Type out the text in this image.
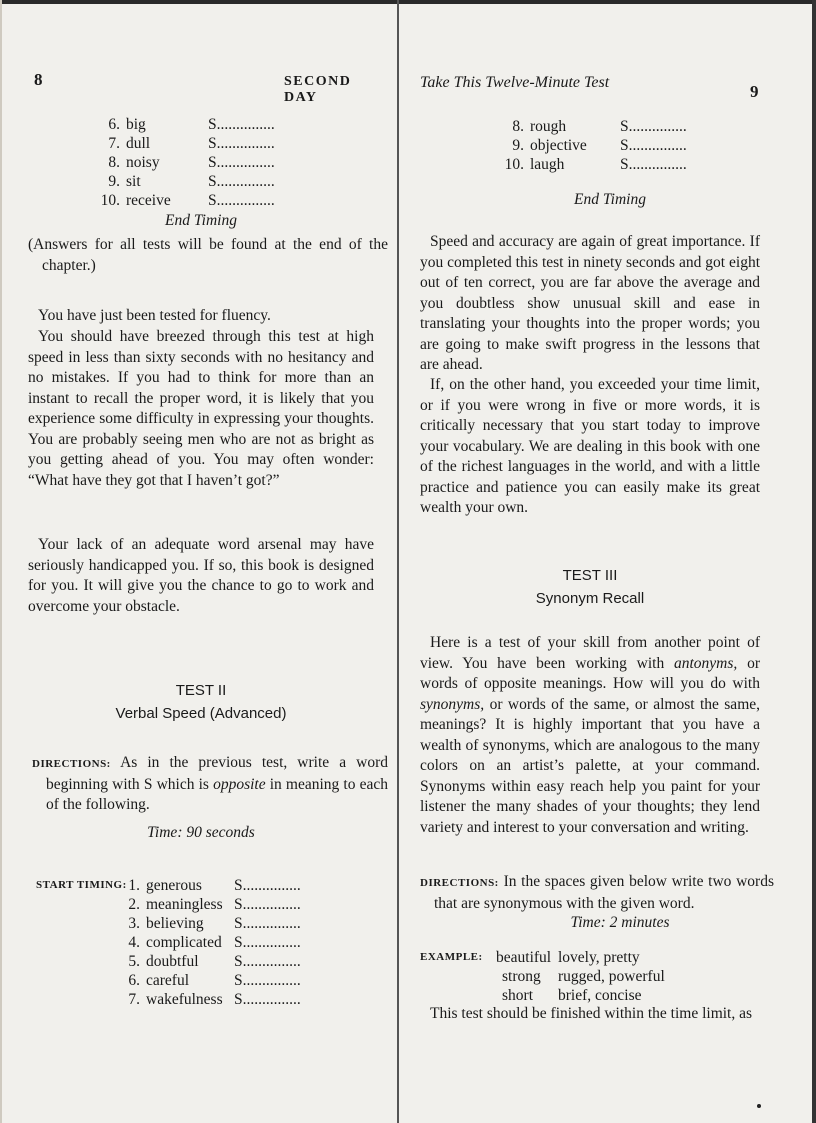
8	SECOND DAY
6. big	S...............
7. dull	S...............
8. noisy	S...............
9. sit	S...............
10. receive	S...............
End Timing

(Answers for all tests will be found at the end of the chapter.)

You have just been tested for fluency.

You should have breezed through this test at high speed in less than sixty seconds with no hesitancy and no mistakes. If you had to think for more than an instant to recall the proper word, it is likely that you experience some difficulty in expressing your thoughts. You are probably seeing men who are not as bright as you getting ahead of you. You may often wonder: “What have they got that I haven’t got?”

Your lack of an adequate word arsenal may have seriously handicapped you. If so, this book is designed for you. It will give you the chance to go to work and overcome your obstacle.

TEST II
Verbal Speed (Advanced)

DIRECTIONS: As in the previous test, write a word beginning with S which is opposite in meaning to each of the following.

Time: 90 seconds
START TIMING: 1. generous	S...............
2. meaningless S...............
3. believing	S...............
4. complicated S...............
5. doubtful	S...............
6. careful	S...............
7. wakefulness S...............
Take This Twelve-Minute Test	9
8. rough	S...............
9. objective	S...............
10. laugh	S...............
End Timing

Speed and accuracy are again of great importance. If you completed this test in ninety seconds and got eight out of ten correct, you are far above the average and you doubtless show unusual skill and ease in translating your thoughts into the proper words; you are going to make swift progress in the lessons that are ahead.

If, on the other hand, you exceeded your time limit, or if you were wrong in five or more words, it is critically necessary that you start today to improve your vocabulary. We are dealing in this book with one of the richest languages in the world, and with a little practice and patience you can easily make its great wealth your own.

TEST III
Synonym Recall

Here is a test of your skill from another point of view. You have been working with antonyms, or words of opposite meanings. How will you do with synonyms, or words of the same, or almost the same, meanings? It is highly important that you have a wealth of synonyms, which are analogous to the many colors on an artist’s palette, at your command. Synonyms within easy reach help you paint for your listener the many shades of your thoughts; they lend variety and interest to your conversation and writing.

DIRECTIONS: In the spaces given below write two words that are synonymous with the given word.

Time: 2 minutes
EXAMPLE: beautiful lovely, pretty
strong	rugged, powerful
short	brief, concise

This test should be finished within the time limit, as
